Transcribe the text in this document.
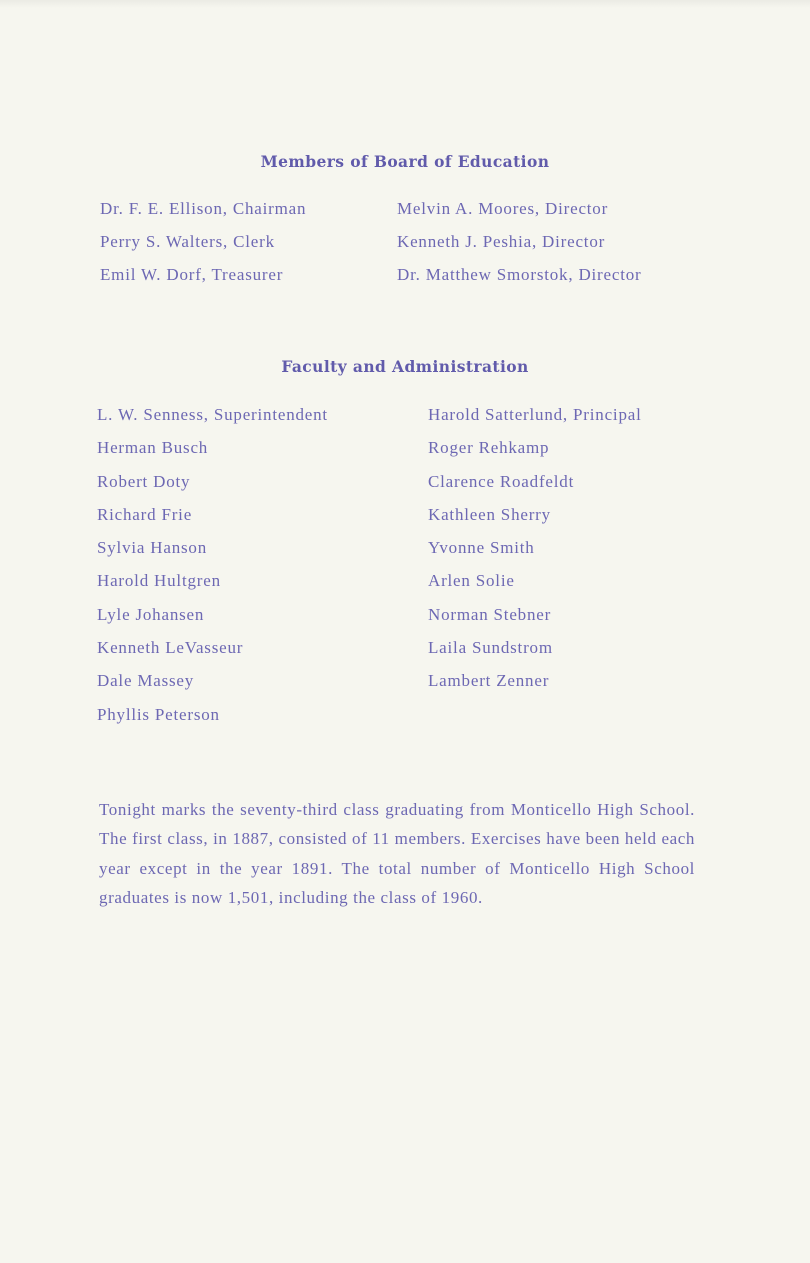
Members of Board of Education
Dr. F. E. Ellison, Chairman
Perry S. Walters, Clerk
Emil W. Dorf, Treasurer
Melvin A. Moores, Director
Kenneth J. Peshia, Director
Dr. Matthew Smorstok, Director
Faculty and Administration
L. W. Senness, Superintendent
Herman Busch
Robert Doty
Richard Frie
Sylvia Hanson
Harold Hultgren
Lyle Johansen
Kenneth LeVasseur
Dale Massey
Phyllis Peterson
Harold Satterlund, Principal
Roger Rehkamp
Clarence Roadfeldt
Kathleen Sherry
Yvonne Smith
Arlen Solie
Norman Stebner
Laila Sundstrom
Lambert Zenner

Tonight marks the seventy-third class graduating from Monticello High School. The first class, in 1887, consisted of 11 members. Exercises have been held each year except in the year 1891. The total number of Monticello High School graduates is now 1,501, including the class of 1960.
